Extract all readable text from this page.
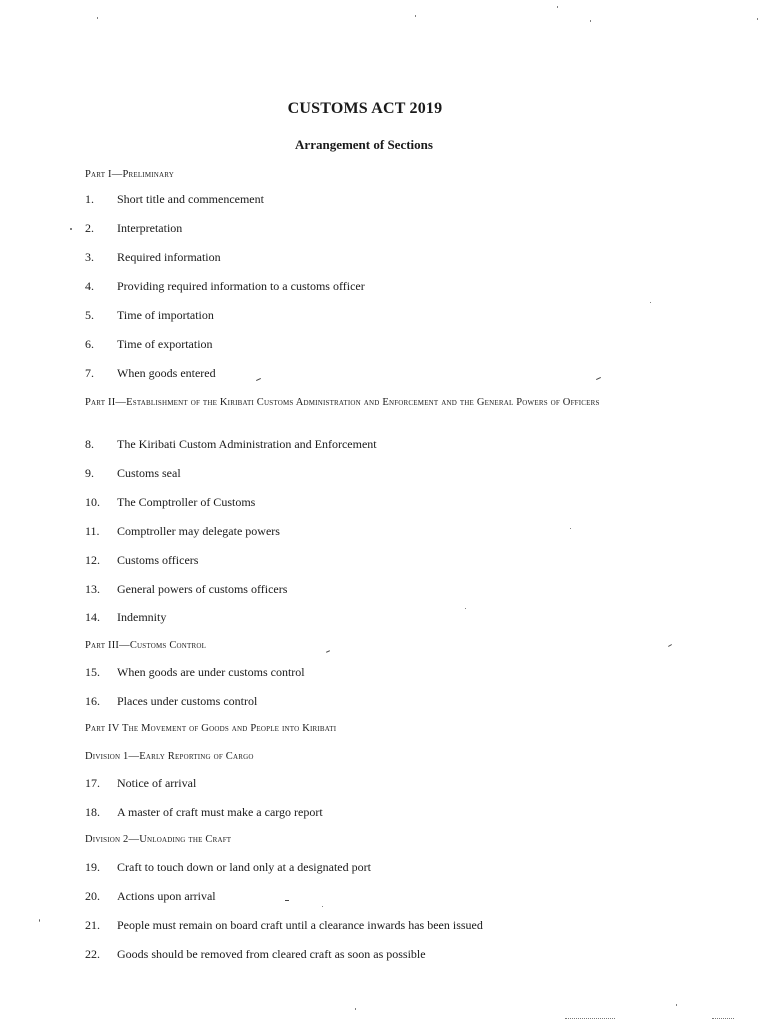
CUSTOMS ACT 2019
Arrangement of Sections
Part I—Preliminary
1. Short title and commencement
2. Interpretation
3. Required information
4. Providing required information to a customs officer
5. Time of importation
6. Time of exportation
7. When goods entered
Part II—Establishment of the Kiribati Customs Administration and Enforcement and the General Powers of Officers
8. The Kiribati Custom Administration and Enforcement
9. Customs seal
10. The Comptroller of Customs
11. Comptroller may delegate powers
12. Customs officers
13. General powers of customs officers
14. Indemnity
Part III—Customs Control
15. When goods are under customs control
16. Places under customs control
Part IV The Movement of Goods and People into Kiribati
Division 1—Early Reporting of Cargo
17. Notice of arrival
18. A master of craft must make a cargo report
Division 2—Unloading the Craft
19. Craft to touch down or land only at a designated port
20. Actions upon arrival
21. People must remain on board craft until a clearance inwards has been issued
22. Goods should be removed from cleared craft as soon as possible
